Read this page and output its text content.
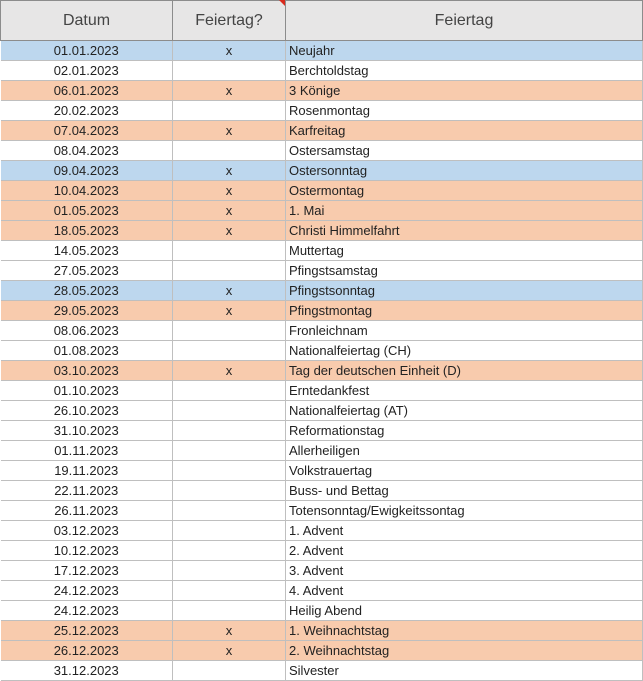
Datum	Feiertag?	Feiertag
01.01.2023	x	Neujahr
02.01.2023		Berchtoldstag
06.01.2023	x	3 Könige
20.02.2023		Rosenmontag
07.04.2023	x	Karfreitag
08.04.2023		Ostersamstag
09.04.2023	x	Ostersonntag
10.04.2023	x	Ostermontag
01.05.2023	x	1. Mai
18.05.2023	x	Christi Himmelfahrt
14.05.2023		Muttertag
27.05.2023		Pfingstsamstag
28.05.2023	x	Pfingstsonntag
29.05.2023	x	Pfingstmontag
08.06.2023		Fronleichnam
01.08.2023		Nationalfeiertag (CH)
03.10.2023	x	Tag der deutschen Einheit (D)
01.10.2023		Erntedankfest
26.10.2023		Nationalfeiertag (AT)
31.10.2023		Reformationstag
01.11.2023		Allerheiligen
19.11.2023		Volkstrauertag
22.11.2023		Buss- und Bettag
26.11.2023		Totensonntag/Ewigkeitssontag
03.12.2023		1. Advent
10.12.2023		2. Advent
17.12.2023		3. Advent
24.12.2023		4. Advent
24.12.2023		Heilig Abend
25.12.2023	x	1. Weihnachtstag
26.12.2023	x	2. Weihnachtstag
31.12.2023		Silvester
